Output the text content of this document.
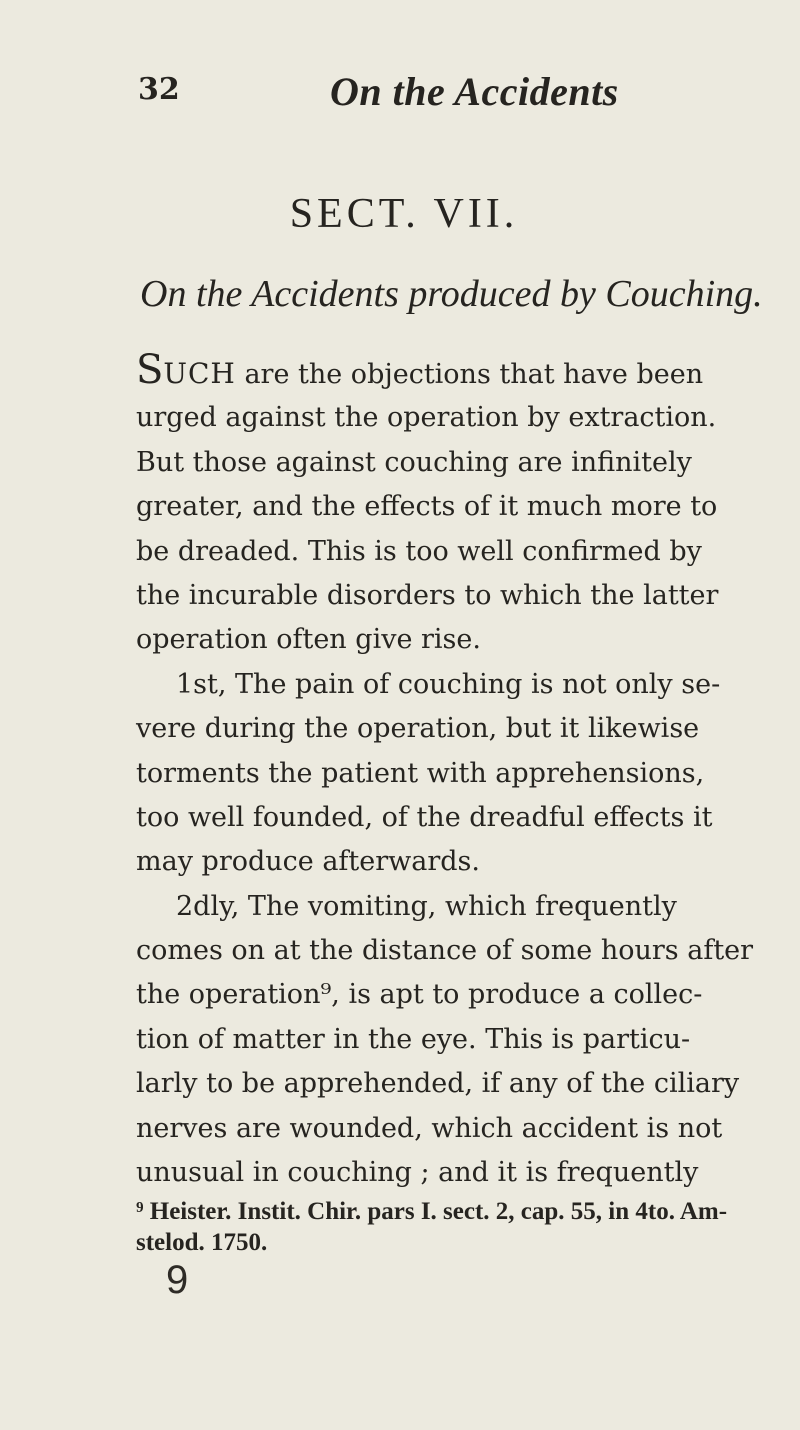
32	On the Accidents
SECT. VII.
On the Accidents produced by Couching.
SUCH are the objections that have been
urged against the operation by extraction.
But those against couching are infinitely
greater, and the effects of it much more to
be dreaded. This is too well confirmed by
the incurable disorders to which the latter
operation often give rise.
1st, The pain of couching is not only se-
vere during the operation, but it likewise
torments the patient with apprehensions,
too well founded, of the dreadful effects it
may produce afterwards.
2dly, The vomiting, which frequently
comes on at the distance of some hours after
the operation⁹, is apt to produce a collec-
tion of matter in the eye. This is particu-
larly to be apprehended, if any of the ciliary
nerves are wounded, which accident is not
unusual in couching ; and it is frequently
⁹ Heister. Instit. Chir. pars I. sect. 2, cap. 55, in 4to. Am-
stelod. 1750.
9
